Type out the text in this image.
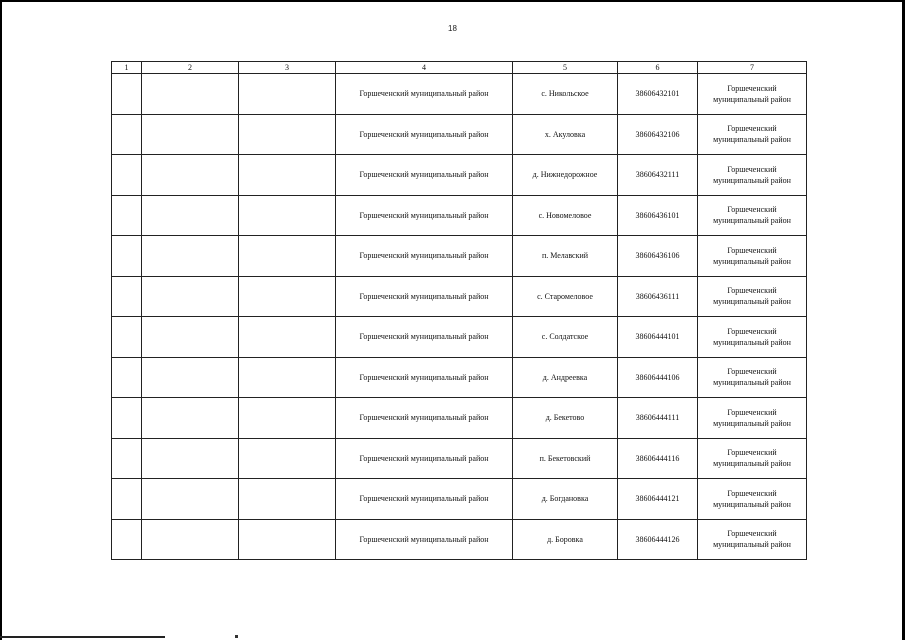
18
1	2	3	4	5	6	7
			Горшеченский муниципальный район	с. Никольское	38606432101	Горшеченский
муниципальный район

			Горшеченский муниципальный район	х. Акуловка	38606432106	Горшеченский
муниципальный район

			Горшеченский муниципальный район	д. Нижнедорожное	38606432111	Горшеченский
муниципальный район

			Горшеченский муниципальный район	с. Новомеловое	38606436101	Горшеченский
муниципальный район

			Горшеченский муниципальный район	п. Мелавский	38606436106	Горшеченский
муниципальный район

			Горшеченский муниципальный район	с. Старомеловое	38606436111	Горшеченский
муниципальный район

			Горшеченский муниципальный район	с. Солдатское	38606444101	Горшеченский
муниципальный район

			Горшеченский муниципальный район	д. Андреевка	38606444106	Горшеченский
муниципальный район

			Горшеченский муниципальный район	д. Бекетово	38606444111	Горшеченский
муниципальный район

			Горшеченский муниципальный район	п. Бекетовский	38606444116	Горшеченский
муниципальный район

			Горшеченский муниципальный район	д. Богдановка	38606444121	Горшеченский
муниципальный район

			Горшеченский муниципальный район	д. Боровка	38606444126	Горшеченский
муниципальный район
